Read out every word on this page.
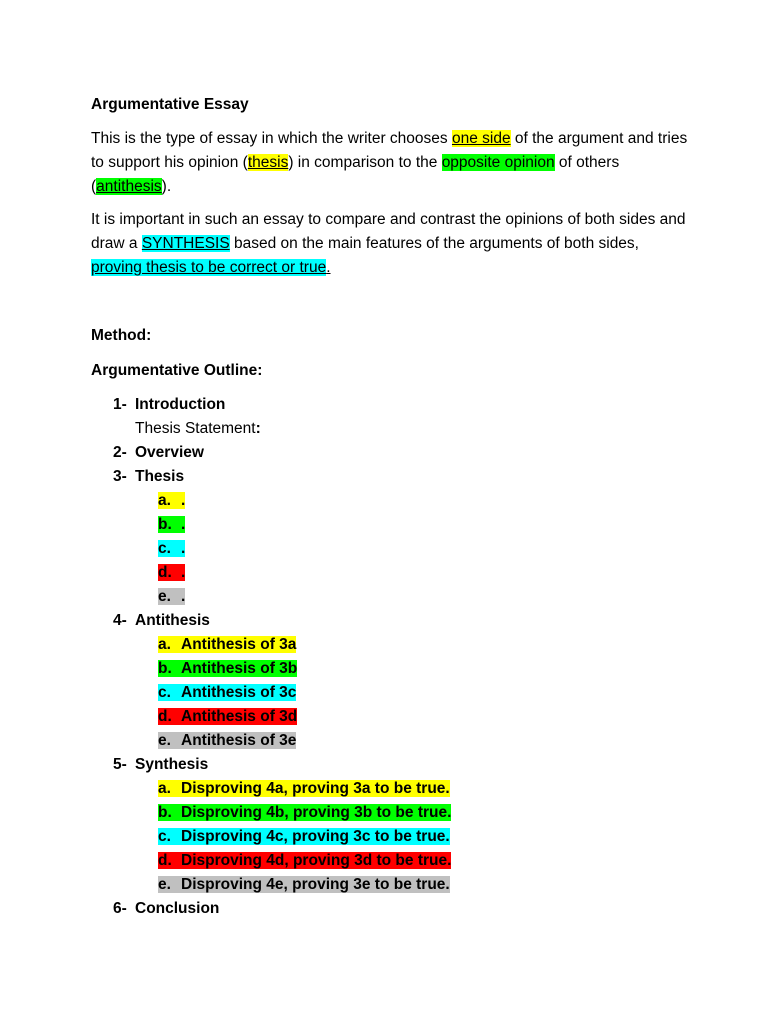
Argumentative Essay
This is the type of essay in which the writer chooses one side of the argument and tries to support his opinion (thesis) in comparison to the opposite opinion of others (antithesis).
It is important in such an essay to compare and contrast the opinions of both sides and draw a SYNTHESIS based on the main features of the arguments of both sides, proving thesis to be correct or true.
Method:
Argumentative Outline:
1- Introduction
Thesis Statement:
2- Overview
3- Thesis
a. .
b. .
c. .
d. .
e. .
4- Antithesis
a. Antithesis of 3a
b. Antithesis of 3b
c. Antithesis of 3c
d. Antithesis of 3d
e. Antithesis of 3e
5- Synthesis
a. Disproving 4a, proving 3a to be true.
b. Disproving 4b, proving 3b to be true.
c. Disproving 4c, proving 3c to be true.
d. Disproving 4d, proving 3d to be true.
e. Disproving 4e, proving 3e to be true.
6- Conclusion
